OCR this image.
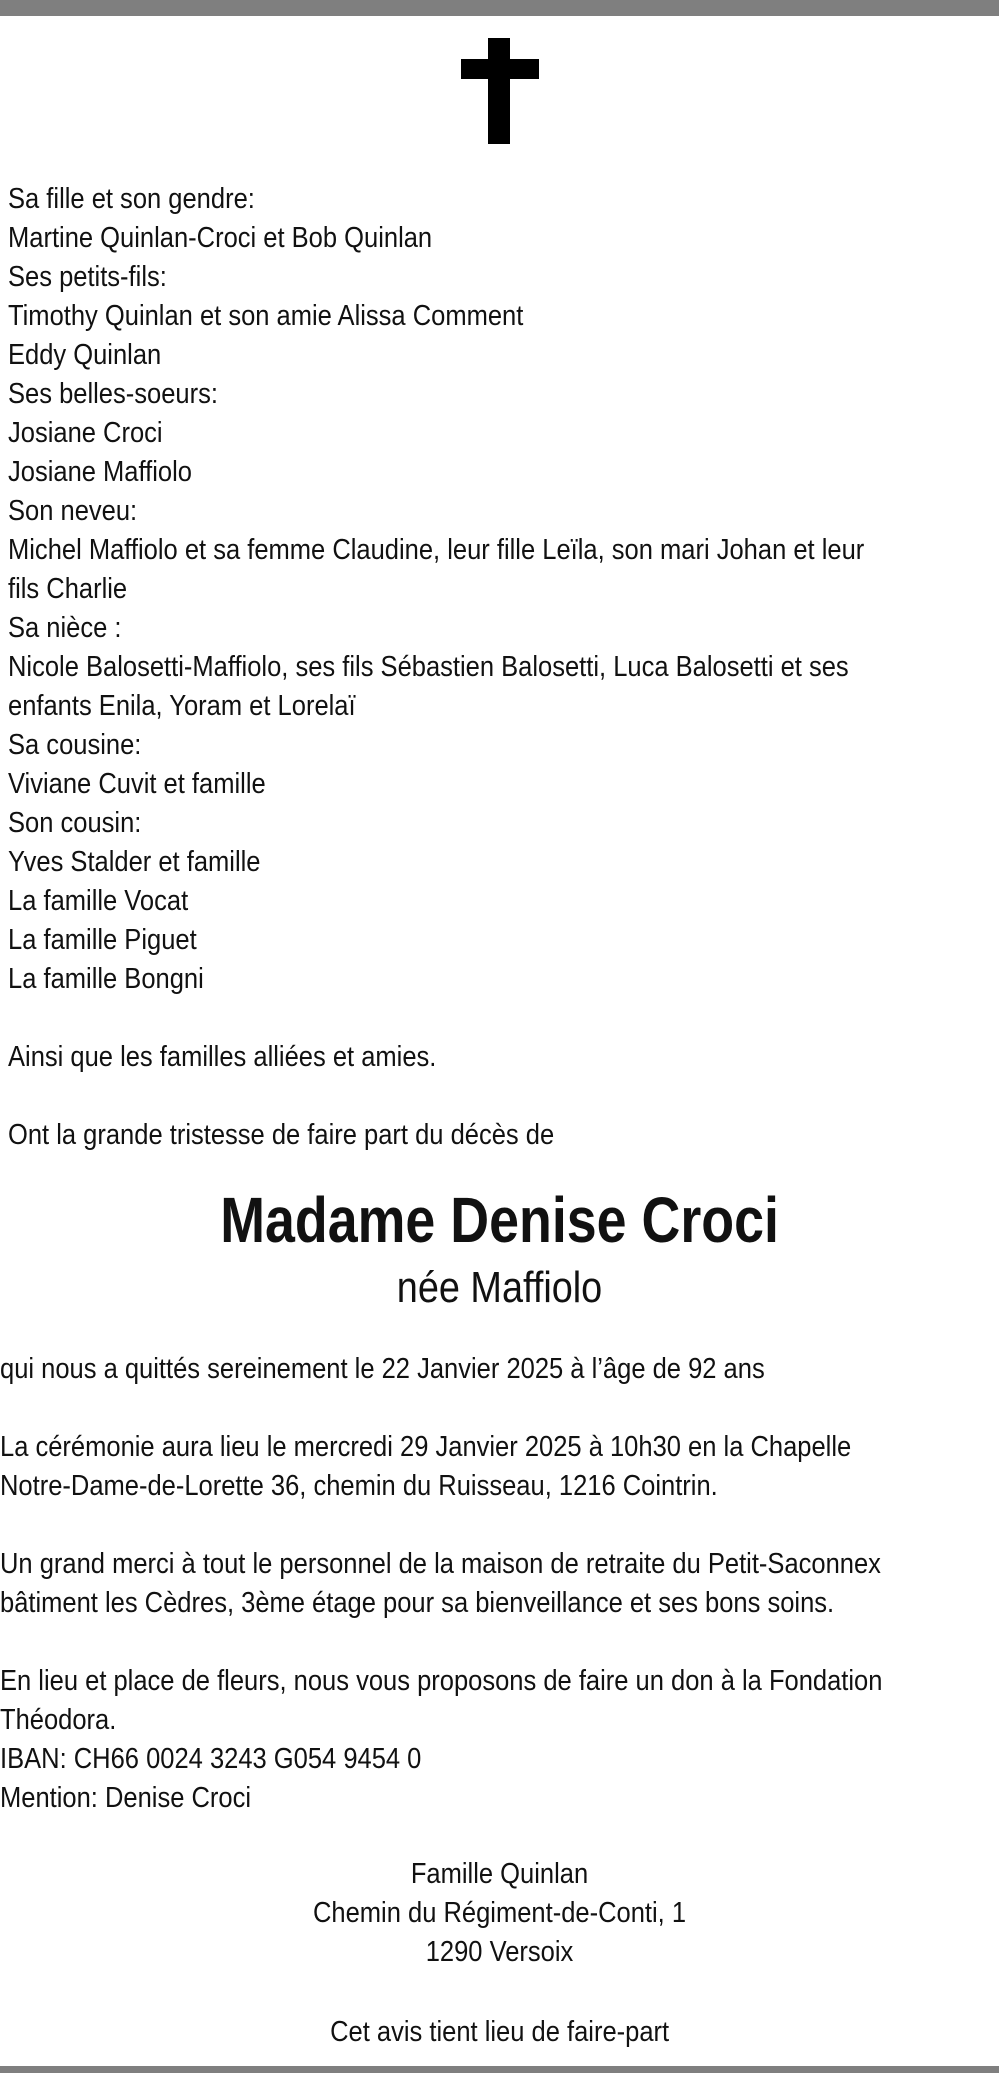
Sa fille et son gendre:
Martine Quinlan-Croci et Bob Quinlan
Ses petits-fils:
Timothy Quinlan et son amie Alissa Comment
Eddy Quinlan
Ses belles-soeurs:
Josiane Croci
Josiane Maffiolo
Son neveu:
Michel Maffiolo et sa femme Claudine, leur fille Leïla, son mari Johan et leur
fils Charlie
Sa nièce :
Nicole Balosetti-Maffiolo, ses fils Sébastien Balosetti, Luca Balosetti et ses
enfants Enila, Yoram et Lorelaï
Sa cousine:
Viviane Cuvit et famille
Son cousin:
Yves Stalder et famille
La famille Vocat
La famille Piguet
La famille Bongni

Ainsi que les familles alliées et amies.

Ont la grande tristesse de faire part du décès de
Madame Denise Croci
née Maffiolo
qui nous a quittés sereinement le 22 Janvier 2025 à l’âge de 92 ans
La cérémonie aura lieu le mercredi 29 Janvier 2025 à 10h30 en la Chapelle
Notre-Dame-de-Lorette 36, chemin du Ruisseau, 1216 Cointrin.
Un grand merci à tout le personnel de la maison de retraite du Petit-Saconnex
bâtiment les Cèdres, 3ème étage pour sa bienveillance et ses bons soins.
En lieu et place de fleurs, nous vous proposons de faire un don à la Fondation
Théodora.
IBAN: CH66 0024 3243 G054 9454 0
Mention: Denise Croci
Famille Quinlan
Chemin du Régiment-de-Conti, 1
1290 Versoix
Cet avis tient lieu de faire-part
